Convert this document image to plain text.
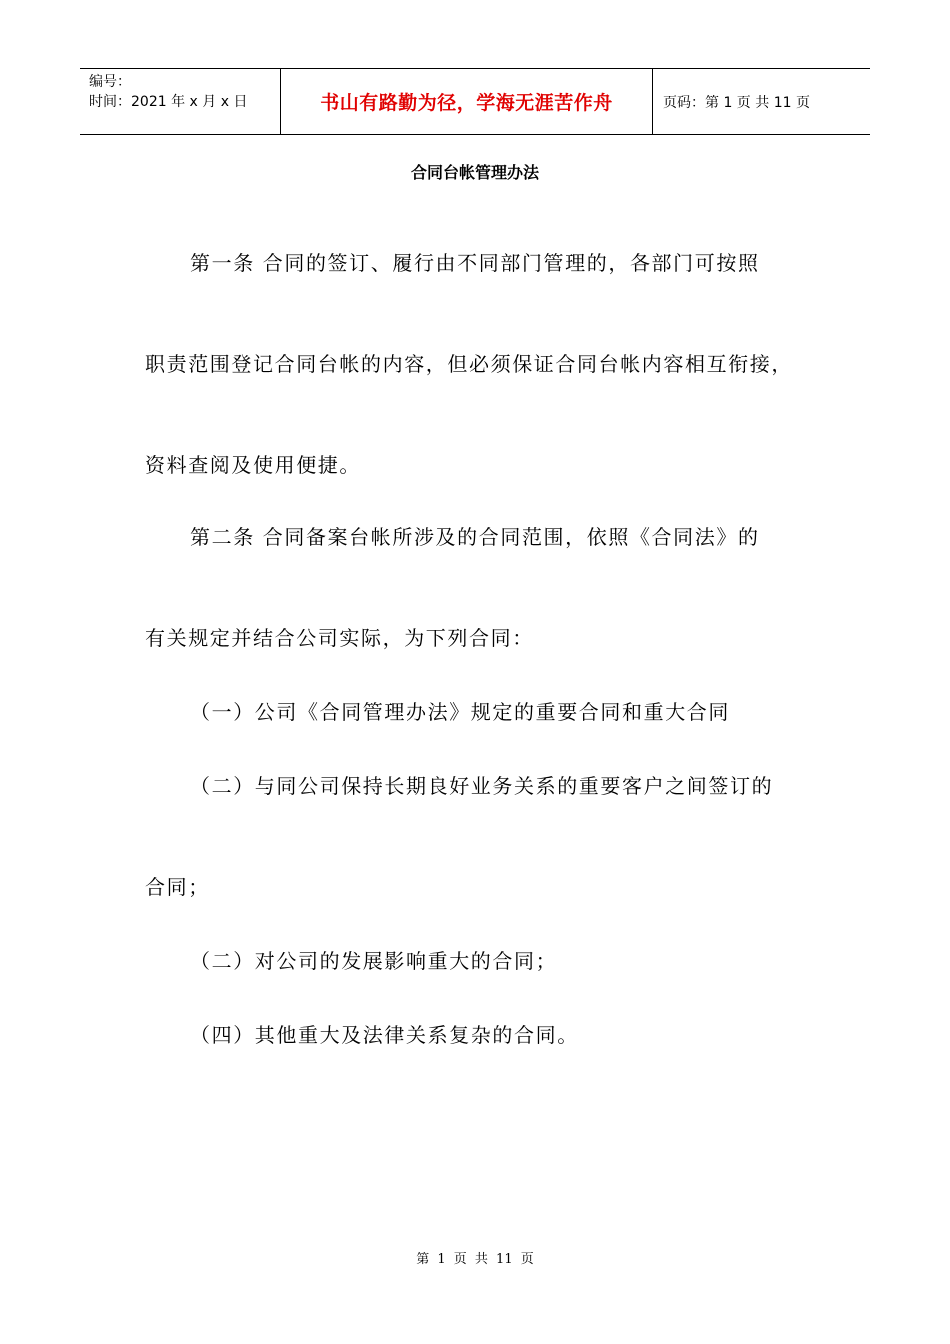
编号：
时间：2021 年 x 月 x 日	书山有路勤为径，学海无涯苦作舟	页码：第 1 页 共 11 页
合同台帐管理办法
第一条 合同的签订、履行由不同部门管理的，各部门可按照
职责范围登记合同台帐的内容，但必须保证合同台帐内容相互衔接，
资料查阅及使用便捷。
第二条 合同备案台帐所涉及的合同范围，依照《合同法》的
有关规定并结合公司实际，为下列合同：
（一）公司《合同管理办法》规定的重要合同和重大合同
（二）与同公司保持长期良好业务关系的重要客户之间签订的
合同；
（二）对公司的发展影响重大的合同；
（四）其他重大及法律关系复杂的合同。
第 1 页 共 11 页
